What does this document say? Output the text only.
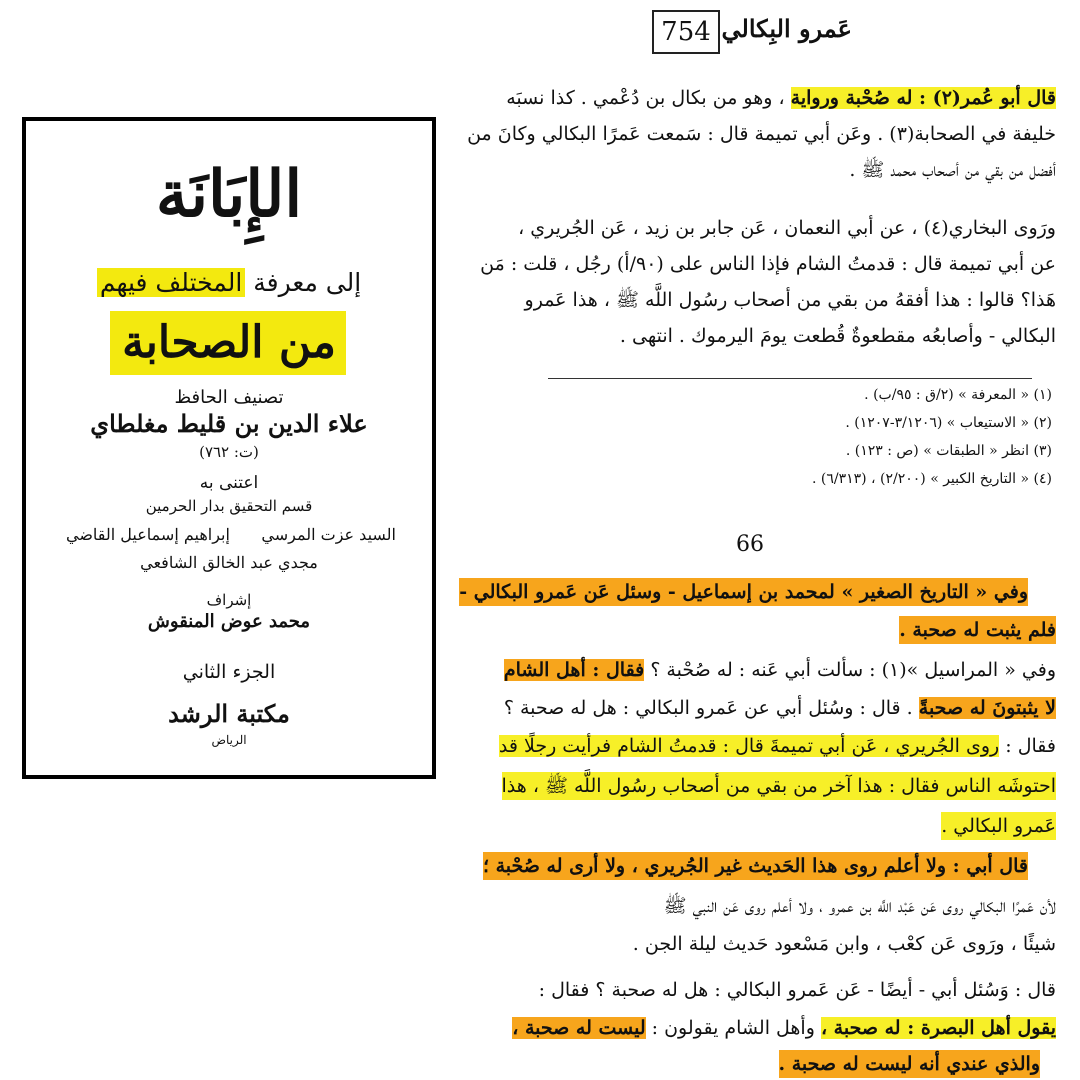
الإِبَانَة
إلى معرفة المختلف فيهم
من الصحابة
تصنيف الحافظ
علاء الدين بن قليط مغلطاي
(ت: ٧٦٢)
اعتنى به
قسم التحقيق بدار الحرمين
السيد عزت المرسي
إبراهيم إسماعيل القاضي
مجدي عبد الخالق الشافعي
إشراف
محمد عوض المنقوش
الجزء الثاني
مكتبة الرشد
الرياض
754 عَمرو البِكالي
قال أبو عُمر(٢) : له صُحْبة ورواية ، وهو من بكال بن دُعْمي . كذا نسبَه
خليفة في الصحابة(٣) . وعَن أبي تميمة قال : سَمعت عَمرًا البكالي وكانَ من
أفضل من بقي من أصحاب محمد ﷺ .
ورَوى البخاري(٤) ، عن أبي النعمان ، عَن جابر بن زيد ، عَن الجُريري ،
عن أبي تميمة قال : قدمتُ الشام فإذا الناس على (٩٠/أ) رجُل ، قلت : مَن
هَذا؟ قالوا : هذا أفقهُ من بقي من أصحاب رسُول اللَّه ﷺ ، هذا عَمرو
البكالي - وأصابعُه مقطعوةٌ قُطعت يومَ اليرموك . انتهى .
(١) « المعرفة » (٢/ق : ٩٥/ب) .
(٢) « الاستيعاب » (٣/١٢٠٦-١٢٠٧) .
(٣) انظر « الطبقات » (ص : ١٢٣) .
(٤) « التاريخ الكبير » (٢/٢٠٠) ، (٦/٣١٣) .
66
وفي « التاريخ الصغير » لمحمد بن إسماعيل - وسئل عَن عَمرو البكالي -
فلم يثبت له صحبة .
وفي « المراسيل »(١) : سألت أبي عَنه : له صُحْبة ؟ فقال : أهل الشام
لا يثبتونَ له صحبةً . قال : وسُئل أبي عن عَمرو البكالي : هل له صحبة ؟
فقال : روى الجُريري ، عَن أبي تميمةَ قال : قدمتُ الشام فرأيت رجلًا قد
احتوشَه الناس فقال : هذا آخر من بقي من أصحاب رسُول اللَّه ﷺ ، هذا
عَمرو البكالي .
قال أبي : ولا أعلم روى هذا الحَديث غير الجُريري ، ولا أرى له صُحْبة ؛
لأن عَمرًا البكالي روى عَن عَبْد اللَّه بن عمرو ، ولا أعلم روى عَن النبي ﷺ
شيئًا ، ورَوى عَن كعْب ، وابن مَسْعود حَديث ليلة الجن .
قال : وَسُئل أبي - أيضًا - عَن عَمرو البكالي : هل له صحبة ؟ فقال :
يقول أهل البصرة : له صحبة ، وأهل الشام يقولون : ليست له صحبة ،
والذي عندي أنه ليست له صحبة .
